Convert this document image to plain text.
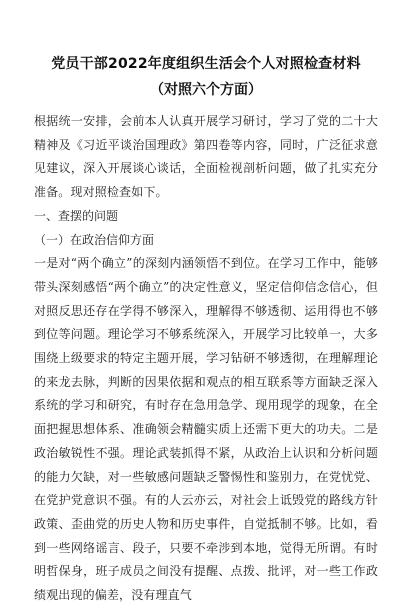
党员干部2022年度组织生活会个人对照检查材料
（对照六个方面）

根据统一安排，会前本人认真开展学习研讨，学习了党的二十大精神及《习近平谈治国理政》第四卷等内容，同时，广泛征求意见建议，深入开展谈心谈话，全面检视剖析问题，做了扎实充分准备。现对照检查如下。

一、查摆的问题

（一）在政治信仰方面

一是对“两个确立”的深刻内涵领悟不到位。在学习工作中，能够带头深刻感悟“两个确立”的决定性意义，坚定信仰信念信心，但对照反思还存在学得不够深入，理解得不够透彻、运用得也不够到位等问题。理论学习不够系统深入，开展学习比较单一，大多围绕上级要求的特定主题开展，学习钻研不够透彻，在理解理论的来龙去脉，判断的因果依据和观点的相互联系等方面缺乏深入系统的学习和研究，有时存在急用急学、现用现学的现象，在全面把握思想体系、准确领会精髓实质上还需下更大的功夫。二是政治敏锐性不强。理论武装抓得不紧，从政治上认识和分析问题的能力欠缺，对一些敏感问题缺乏警惕性和鉴别力，在党忧党、在党护党意识不强。有的人云亦云，对社会上诋毁党的路线方针政策、歪曲党的历史人物和历史事件，自觉抵制不够。比如，看到一些网络谣言、段子，只要不牵涉到本地，觉得无所谓。有时明哲保身，班子成员之间没有提醒、点拨、批评，对一些工作政绩观出现的偏差，没有理直气
